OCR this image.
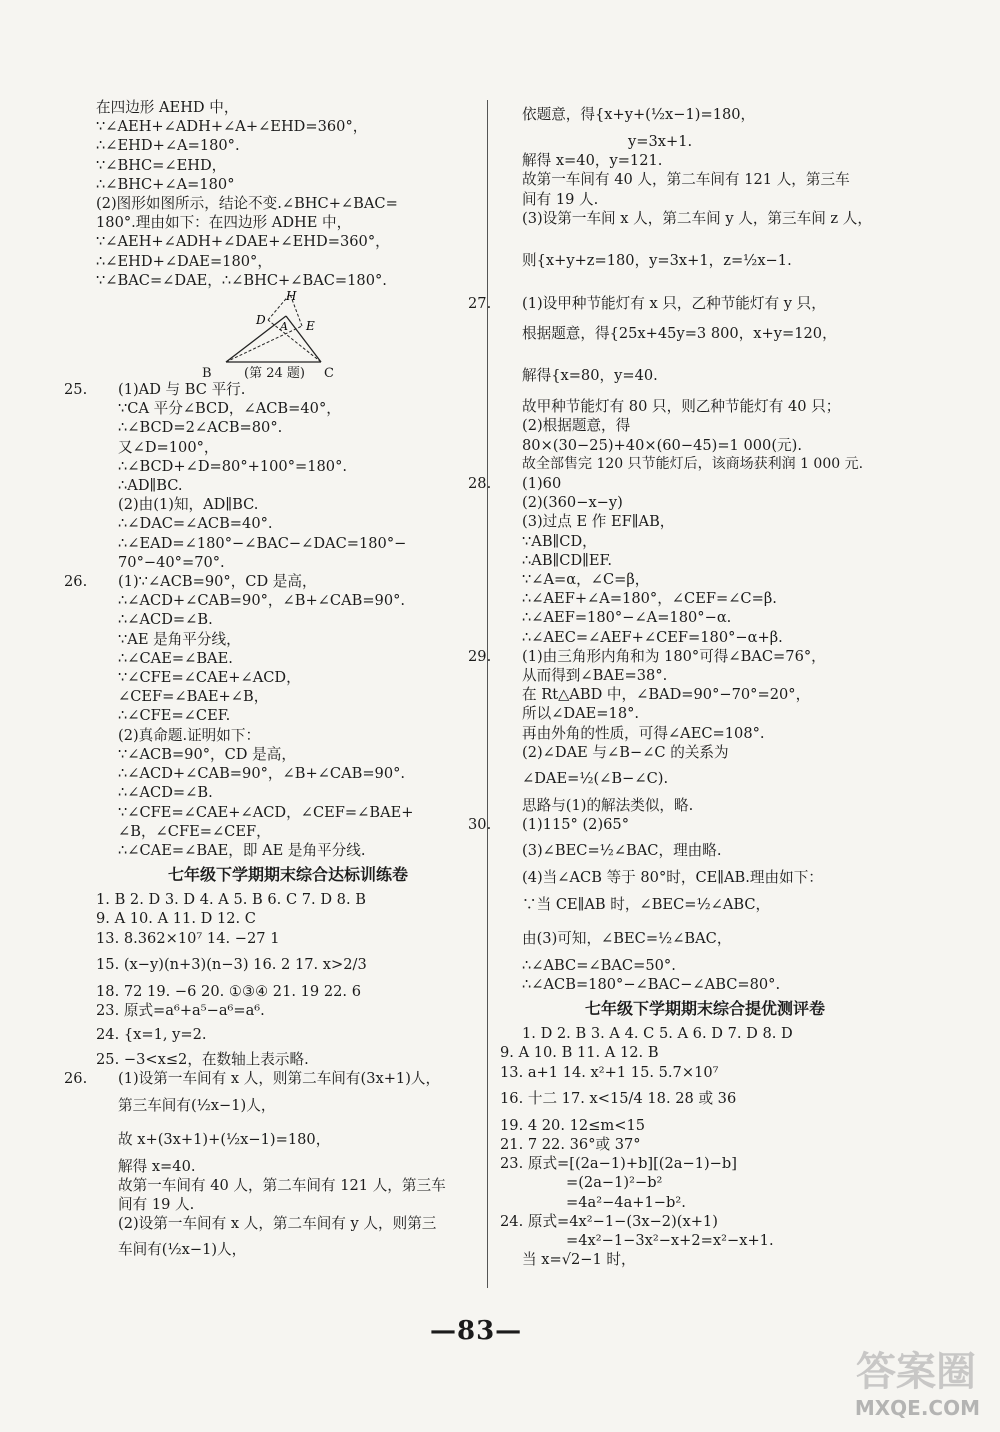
在四边形 AEHD 中，
∵∠AEH+∠ADH+∠A+∠EHD=360°，
∴∠EHD+∠A=180°.
∵∠BHC=∠EHD，
∴∠BHC+∠A=180°
(2)图形如图所示，结论不变.∠BHC+∠BAC=
180°.理由如下：在四边形 ADHE 中，
∵∠AEH+∠ADH+∠DAE+∠EHD=360°，
∴∠EHD+∠DAE=180°，
∵∠BAC=∠DAE，∴∠BHC+∠BAC=180°.
H
D A E
B (第 24 题) C
25. (1)AD 与 BC 平行.
∵CA 平分∠BCD，∠ACB=40°，
∴∠BCD=2∠ACB=80°.
又∠D=100°，
∴∠BCD+∠D=80°+100°=180°.
∴AD∥BC.
(2)由(1)知，AD∥BC.
∴∠DAC=∠ACB=40°.
∴∠EAD=∠180°−∠BAC−∠DAC=180°−
70°−40°=70°.
26. (1)∵∠ACB=90°，CD 是高，
∴∠ACD+∠CAB=90°，∠B+∠CAB=90°.
∴∠ACD=∠B.
∵AE 是角平分线，
∴∠CAE=∠BAE.
∵∠CFE=∠CAE+∠ACD，
∠CEF=∠BAE+∠B，
∴∠CFE=∠CEF.
(2)真命题.证明如下：
∵∠ACB=90°，CD 是高，
∴∠ACD+∠CAB=90°，∠B+∠CAB=90°.
∴∠ACD=∠B.
∵∠CFE=∠CAE+∠ACD，∠CEF=∠BAE+
∠B，∠CFE=∠CEF，
∴∠CAE=∠BAE，即 AE 是角平分线.
七年级下学期期末综合达标训练卷
1. B 2. D 3. D 4. A 5. B 6. C 7. D 8. B
9. A 10. A 11. D 12. C
13. 8.362×10⁷ 14. −27 1
15. (x−y)(n+3)(n−3) 16. 2 17. x>2/3
18. 72 19. −6 20. ①③④ 21. 19 22. 6
23. 原式=a⁶+a⁵−a⁶=a⁶.
24. {x=1, y=2.
25. −3<x≤2，在数轴上表示略.
26. (1)设第一车间有 x 人，则第二车间有(3x+1)人，
第三车间有(½x−1)人，
故 x+(3x+1)+(½x−1)=180，
解得 x=40.
故第一车间有 40 人，第二车间有 121 人，第三车
间有 19 人.
(2)设第一车间有 x 人，第二车间有 y 人，则第三
车间有(½x−1)人，
依题意，得{x+y+(½x−1)=180，
y=3x+1.
解得 x=40，y=121.
故第一车间有 40 人，第二车间有 121 人，第三车
间有 19 人.
(3)设第一车间 x 人，第二车间 y 人，第三车间 z 人，
则{x+y+z=180，y=3x+1，z=½x−1.
27. (1)设甲种节能灯有 x 只，乙种节能灯有 y 只，
根据题意，得{25x+45y=3 800，x+y=120，
解得{x=80，y=40.
故甲种节能灯有 80 只，则乙种节能灯有 40 只；
(2)根据题意，得
80×(30−25)+40×(60−45)=1 000(元).
故全部售完 120 只节能灯后，该商场获利润 1 000 元.
28. (1)60
(2)(360−x−y)
(3)过点 E 作 EF∥AB，
∵AB∥CD，
∴AB∥CD∥EF.
∵∠A=α，∠C=β，
∴∠AEF+∠A=180°，∠CEF=∠C=β.
∴∠AEF=180°−∠A=180°−α.
∴∠AEC=∠AEF+∠CEF=180°−α+β.
29. (1)由三角形内角和为 180°可得∠BAC=76°，
从而得到∠BAE=38°.
在 Rt△ABD 中，∠BAD=90°−70°=20°，
所以∠DAE=18°.
再由外角的性质，可得∠AEC=108°.
(2)∠DAE 与∠B−∠C 的关系为
∠DAE=½(∠B−∠C).
思路与(1)的解法类似，略.
30. (1)115° (2)65°
(3)∠BEC=½∠BAC，理由略.
(4)当∠ACB 等于 80°时，CE∥AB.理由如下：
∵当 CE∥AB 时，∠BEC=½∠ABC，
由(3)可知，∠BEC=½∠BAC，
∴∠ABC=∠BAC=50°.
∴∠ACB=180°−∠BAC−∠ABC=80°.
七年级下学期期末综合提优测评卷
1. D 2. B 3. A 4. C 5. A 6. D 7. D 8. D
9. A 10. B 11. A 12. B
13. a+1 14. x²+1 15. 5.7×10⁷
16. 十二 17. x<15/4 18. 28 或 36
19. 4 20. 12≤m<15
21. 7 22. 36°或 37°
23. 原式=[(2a−1)+b][(2a−1)−b]
=(2a−1)²−b²
=4a²−4a+1−b².
24. 原式=4x²−1−(3x−2)(x+1)
=4x²−1−3x²−x+2=x²−x+1.
当 x=√2−1 时，
—83—
答案圈
MXQE.COM
